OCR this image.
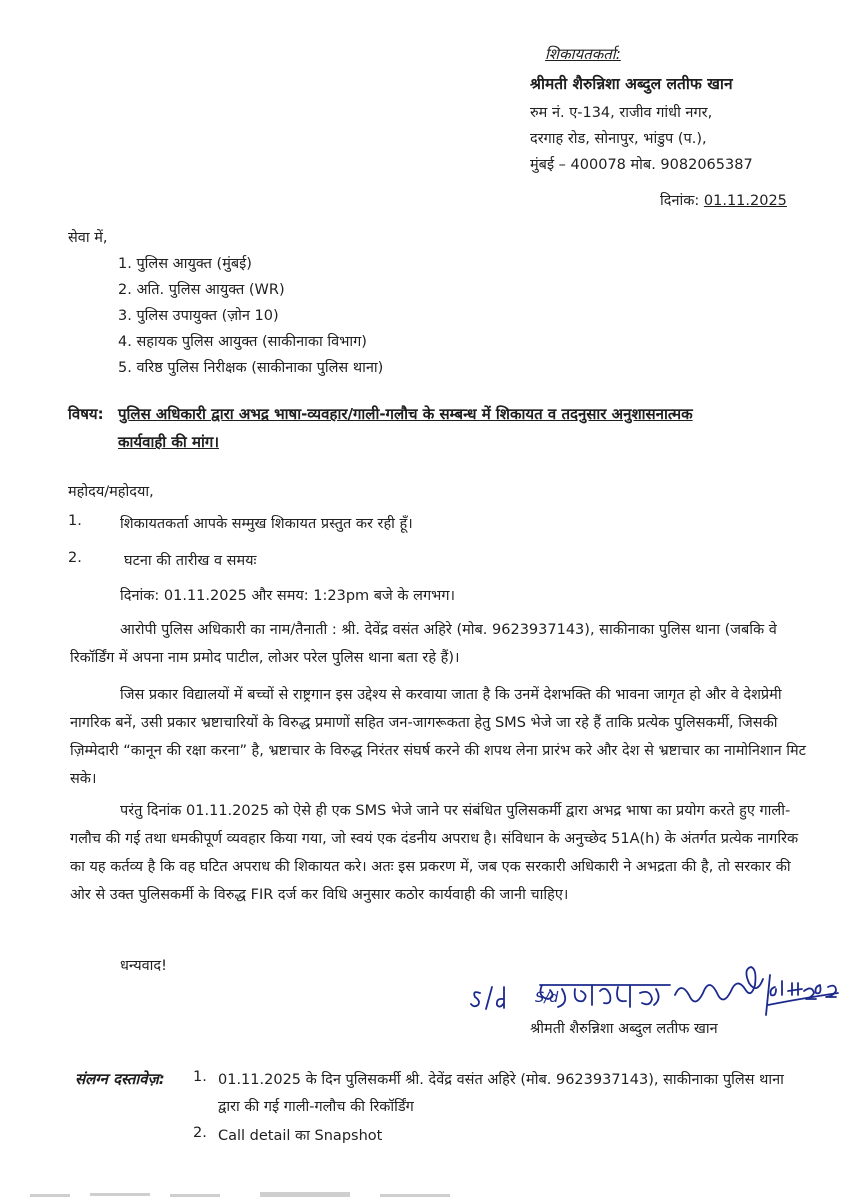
शिकायतकर्ता:
श्रीमती शैरुन्निशा अब्दुल लतीफ खान
रुम नं. ए-134, राजीव गांधी नगर,
दरगाह रोड, सोनापुर, भांडुप (प.),
मुंबई – 400078 मोब. 9082065387
दिनांक: 01.11.2025
सेवा में,
1. पुलिस आयुक्त (मुंबई)
2. अति. पुलिस आयुक्त (WR)
3. पुलिस उपायुक्त (ज़ोन 10)
4. सहायक पुलिस आयुक्त (साकीनाका विभाग)
5. वरिष्ठ पुलिस निरीक्षक (साकीनाका पुलिस थाना)
विषय: पुलिस अधिकारी द्वारा अभद्र भाषा-व्यवहार/गाली-गलौच के सम्बन्ध में शिकायत व तदनुसार अनुशासनात्मक
कार्यवाही की मांग।
महोदय/महोदया,
1.	शिकायतकर्ता आपके सम्मुख शिकायत प्रस्तुत कर रही हूँ।
2.	घटना की तारीख व समयः
दिनांक: 01.11.2025 और समय: 1:23pm बजे के लगभग।
आरोपी पुलिस अधिकारी का नाम/तैनाती : श्री. देवेंद्र वसंत अहिरे (मोब. 9623937143), साकीनाका पुलिस थाना (जबकि वे रिकॉर्डिंग में अपना नाम प्रमोद पाटील, लोअर परेल पुलिस थाना बता रहे हैं)।
जिस प्रकार विद्यालयों में बच्चों से राष्ट्रगान इस उद्देश्य से करवाया जाता है कि उनमें देशभक्ति की भावना जागृत हो और वे देशप्रेमी नागरिक बनें, उसी प्रकार भ्रष्टाचारियों के विरुद्ध प्रमाणों सहित जन-जागरूकता हेतु SMS भेजे जा रहे हैं ताकि प्रत्येक पुलिसकर्मी, जिसकी ज़िम्मेदारी “कानून की रक्षा करना” है, भ्रष्टाचार के विरुद्ध निरंतर संघर्ष करने की शपथ लेना प्रारंभ करे और देश से भ्रष्टाचार का नामोनिशान मिट सके।
परंतु दिनांक 01.11.2025 को ऐसे ही एक SMS भेजे जाने पर संबंधित पुलिसकर्मी द्वारा अभद्र भाषा का प्रयोग करते हुए गाली-गलौच की गई तथा धमकीपूर्ण व्यवहार किया गया, जो स्वयं एक दंडनीय अपराध है। संविधान के अनुच्छेद 51A(h) के अंतर्गत प्रत्येक नागरिक का यह कर्तव्य है कि वह घटित अपराध की शिकायत करे। अतः इस प्रकरण में, जब एक सरकारी अधिकारी ने अभद्रता की है, तो सरकार की ओर से उक्त पुलिसकर्मी के विरुद्ध FIR दर्ज कर विधि अनुसार कठोर कार्यवाही की जानी चाहिए।
धन्यवाद!
S/d
श्रीमती शैरुन्निशा अब्दुल लतीफ खान
संलग्न दस्तावेज़: 1. 01.11.2025 के दिन पुलिसकर्मी श्री. देवेंद्र वसंत अहिरे (मोब. 9623937143), साकीनाका पुलिस थाना
द्वारा की गई गाली-गलौच की रिकॉर्डिंग
2. Call detail का Snapshot
